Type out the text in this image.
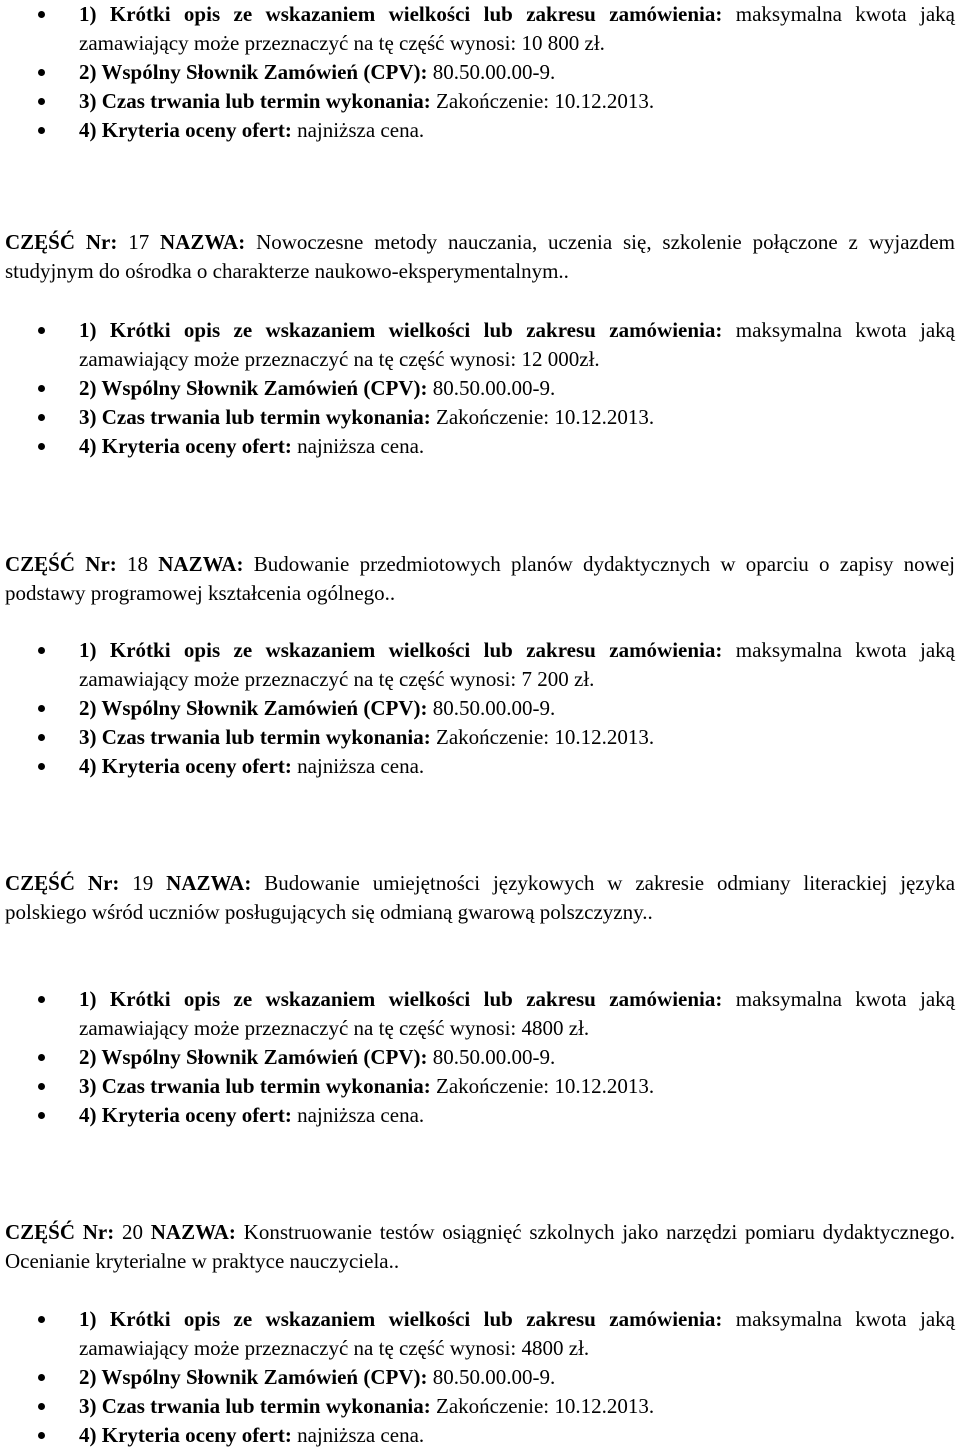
1) Krótki opis ze wskazaniem wielkości lub zakresu zamówienia: maksymalna kwota jaką zamawiający może przeznaczyć na tę część wynosi: 10 800 zł.
2) Wspólny Słownik Zamówień (CPV): 80.50.00.00-9.
3) Czas trwania lub termin wykonania: Zakończenie: 10.12.2013.
4) Kryteria oceny ofert: najniższa cena.

CZĘŚĆ Nr: 17 NAZWA: Nowoczesne metody nauczania, uczenia się, szkolenie połączone z wyjazdem studyjnym do ośrodka o charakterze naukowo-eksperymentalnym..

1) Krótki opis ze wskazaniem wielkości lub zakresu zamówienia: maksymalna kwota jaką zamawiający może przeznaczyć na tę część wynosi: 12 000zł.
2) Wspólny Słownik Zamówień (CPV): 80.50.00.00-9.
3) Czas trwania lub termin wykonania: Zakończenie: 10.12.2013.
4) Kryteria oceny ofert: najniższa cena.

CZĘŚĆ Nr: 18 NAZWA: Budowanie przedmiotowych planów dydaktycznych w oparciu o zapisy nowej podstawy programowej kształcenia ogólnego..

1) Krótki opis ze wskazaniem wielkości lub zakresu zamówienia: maksymalna kwota jaką zamawiający może przeznaczyć na tę część wynosi: 7 200 zł.
2) Wspólny Słownik Zamówień (CPV): 80.50.00.00-9.
3) Czas trwania lub termin wykonania: Zakończenie: 10.12.2013.
4) Kryteria oceny ofert: najniższa cena.

CZĘŚĆ Nr: 19 NAZWA: Budowanie umiejętności językowych w zakresie odmiany literackiej języka polskiego wśród uczniów posługujących się odmianą gwarową polszczyzny..

1) Krótki opis ze wskazaniem wielkości lub zakresu zamówienia: maksymalna kwota jaką zamawiający może przeznaczyć na tę część wynosi: 4800 zł.
2) Wspólny Słownik Zamówień (CPV): 80.50.00.00-9.
3) Czas trwania lub termin wykonania: Zakończenie: 10.12.2013.
4) Kryteria oceny ofert: najniższa cena.

CZĘŚĆ Nr: 20 NAZWA: Konstruowanie testów osiągnięć szkolnych jako narzędzi pomiaru dydaktycznego. Ocenianie kryterialne w praktyce nauczyciela..

1) Krótki opis ze wskazaniem wielkości lub zakresu zamówienia: maksymalna kwota jaką zamawiający może przeznaczyć na tę część wynosi: 4800 zł.
2) Wspólny Słownik Zamówień (CPV): 80.50.00.00-9.
3) Czas trwania lub termin wykonania: Zakończenie: 10.12.2013.
4) Kryteria oceny ofert: najniższa cena.
